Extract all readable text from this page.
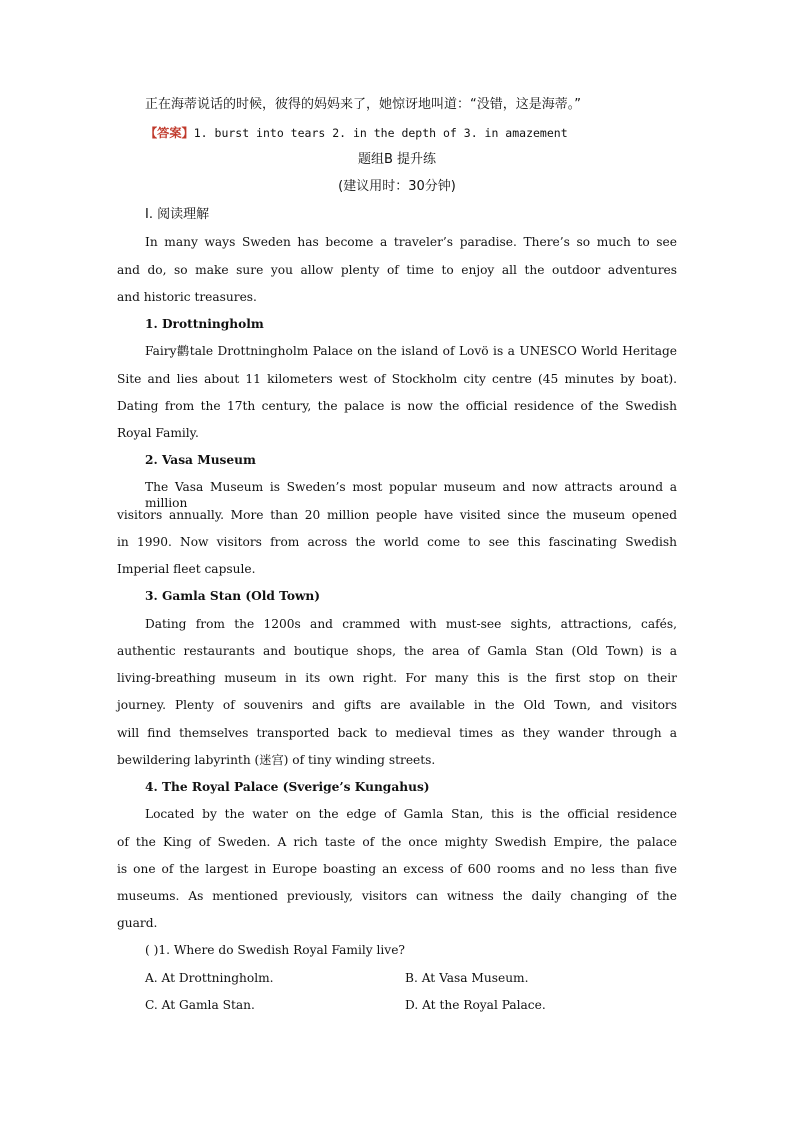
正在海蒂说话的时候，彼得的妈妈来了，她惊讶地叫道：“没错，这是海蒂。”
【答案】1. burst into tears 2. in the depth of 3. in amazement
题组B 提升练
(建议用时：30分钟)
Ⅰ. 阅读理解
In many ways Sweden has become a traveler’s paradise. There’s so much to see
and do, so make sure you allow plenty of time to enjoy all the outdoor adventures
and historic treasures.
1. Drottningholm
Fairy鹳tale Drottningholm Palace on the island of Lovö is a UNESCO World Heritage
Site and lies about 11 kilometers west of Stockholm city centre (45 minutes by boat).
Dating from the 17th century, the palace is now the official residence of the Swedish
Royal Family.
2. Vasa Museum
The Vasa Museum is Sweden’s most popular museum and now attracts around a million
visitors annually. More than 20 million people have visited since the museum opened
in 1990. Now visitors from across the world come to see this fascinating Swedish
Imperial fleet capsule.
3. Gamla Stan (Old Town)
Dating from the 1200s and crammed with must-see sights, attractions, cafés,
authentic restaurants and boutique shops, the area of Gamla Stan (Old Town) is a
living-breathing museum in its own right. For many this is the first stop on their
journey. Plenty of souvenirs and gifts are available in the Old Town, and visitors
will find themselves transported back to medieval times as they wander through a
bewildering labyrinth (迷宫) of tiny winding streets.
4. The Royal Palace (Sverige’s Kungahus)
Located by the water on the edge of Gamla Stan, this is the official residence
of the King of Sweden. A rich taste of the once mighty Swedish Empire, the palace
is one of the largest in Europe boasting an excess of 600 rooms and no less than five
museums. As mentioned previously, visitors can witness the daily changing of the
guard.
( )1. Where do Swedish Royal Family live?
A. At Drottningholm.	B. At Vasa Museum.
C. At Gamla Stan.	D. At the Royal Palace.
